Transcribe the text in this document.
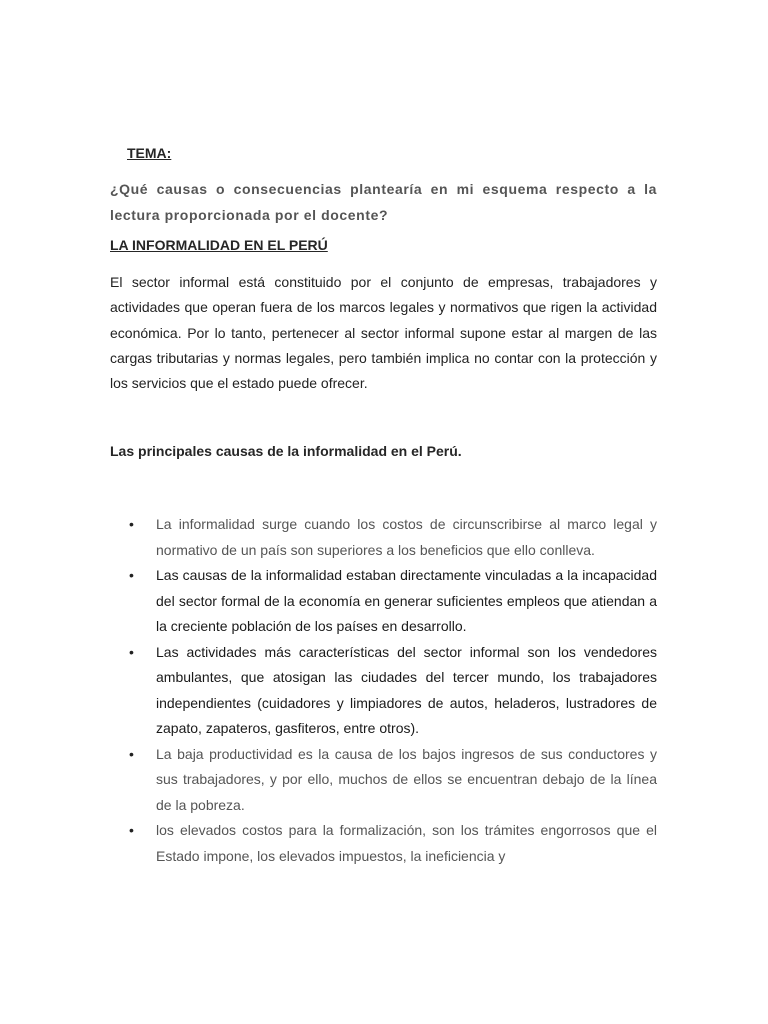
TEMA:
¿Qué causas o consecuencias plantearía en mi esquema respecto a la lectura proporcionada por el docente?
LA INFORMALIDAD EN EL PERÚ
El sector informal está constituido por el conjunto de empresas, trabajadores y actividades que operan fuera de los marcos legales y normativos que rigen la actividad económica. Por lo tanto, pertenecer al sector informal supone estar al margen de las cargas tributarias y normas legales, pero también implica no contar con la protección y los servicios que el estado puede ofrecer.
Las principales causas de la informalidad en el Perú.
• La informalidad surge cuando los costos de circunscribirse al marco legal y normativo de un país son superiores a los beneficios que ello conlleva.
• Las causas de la informalidad estaban directamente vinculadas a la incapacidad del sector formal de la economía en generar suficientes empleos que atiendan a la creciente población de los países en desarrollo.
• Las actividades más características del sector informal son los vendedores ambulantes, que atosigan las ciudades del tercer mundo, los trabajadores independientes (cuidadores y limpiadores de autos, heladeros, lustradores de zapato, zapateros, gasfiteros, entre otros).
• La baja productividad es la causa de los bajos ingresos de sus conductores y sus trabajadores, y por ello, muchos de ellos se encuentran debajo de la línea de la pobreza.
• los elevados costos para la formalización, son los trámites engorrosos que el Estado impone, los elevados impuestos, la ineficiencia y
